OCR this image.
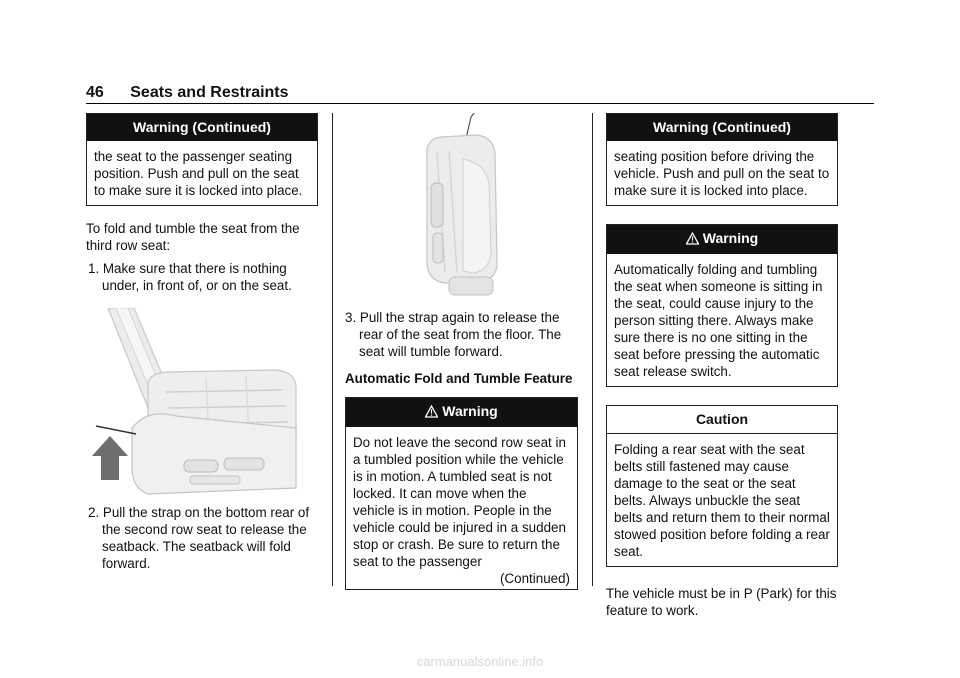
46 Seats and Restraints
Warning (Continued)

the seat to the passenger seating position. Push and pull on the seat to make sure it is locked into place.

To fold and tumble the seat from the third row seat:

1. Make sure that there is nothing under, in front of, or on the seat.

2. Pull the strap on the bottom rear of the second row seat to release the seatback. The seatback will fold forward.

3. Pull the strap again to release the rear of the seat from the floor. The seat will tumble forward.

Automatic Fold and Tumble Feature

Warning

Do not leave the second row seat in a tumbled position while the vehicle is in motion. A tumbled seat is not locked. It can move when the vehicle is in motion. People in the vehicle could be injured in a sudden stop or crash. Be sure to return the seat to the passenger

(Continued)

Warning (Continued)

seating position before driving the vehicle. Push and pull on the seat to make sure it is locked into place.

Warning

Automatically folding and tumbling the seat when someone is sitting in the seat, could cause injury to the person sitting there. Always make sure there is no one sitting in the seat before pressing the automatic seat release switch.

Caution

Folding a rear seat with the seat belts still fastened may cause damage to the seat or the seat belts. Always unbuckle the seat belts and return them to their normal stowed position before folding a rear seat.

The vehicle must be in P (Park) for this feature to work.

carmanualsonline.info
